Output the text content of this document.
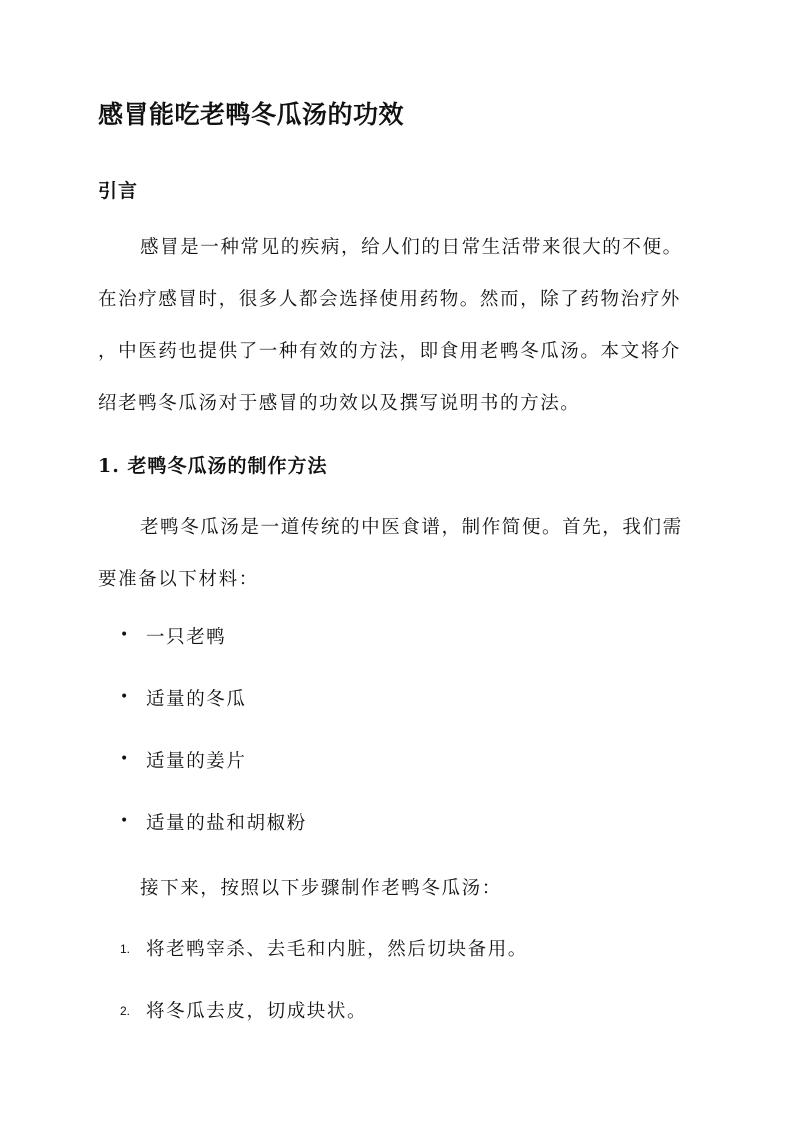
感冒能吃老鸭冬瓜汤的功效
引言
感冒是一种常见的疾病，给人们的日常生活带来很大的不便。
在治疗感冒时，很多人都会选择使用药物。然而，除了药物治疗外
，中医药也提供了一种有效的方法，即食用老鸭冬瓜汤。本文将介
绍老鸭冬瓜汤对于感冒的功效以及撰写说明书的方法。
1. 老鸭冬瓜汤的制作方法
老鸭冬瓜汤是一道传统的中医食谱，制作简便。首先，我们需
要准备以下材料：
• 一只老鸭
• 适量的冬瓜
• 适量的姜片
• 适量的盐和胡椒粉
接下来，按照以下步骤制作老鸭冬瓜汤：
1. 将老鸭宰杀、去毛和内脏，然后切块备用。
2. 将冬瓜去皮，切成块状。
